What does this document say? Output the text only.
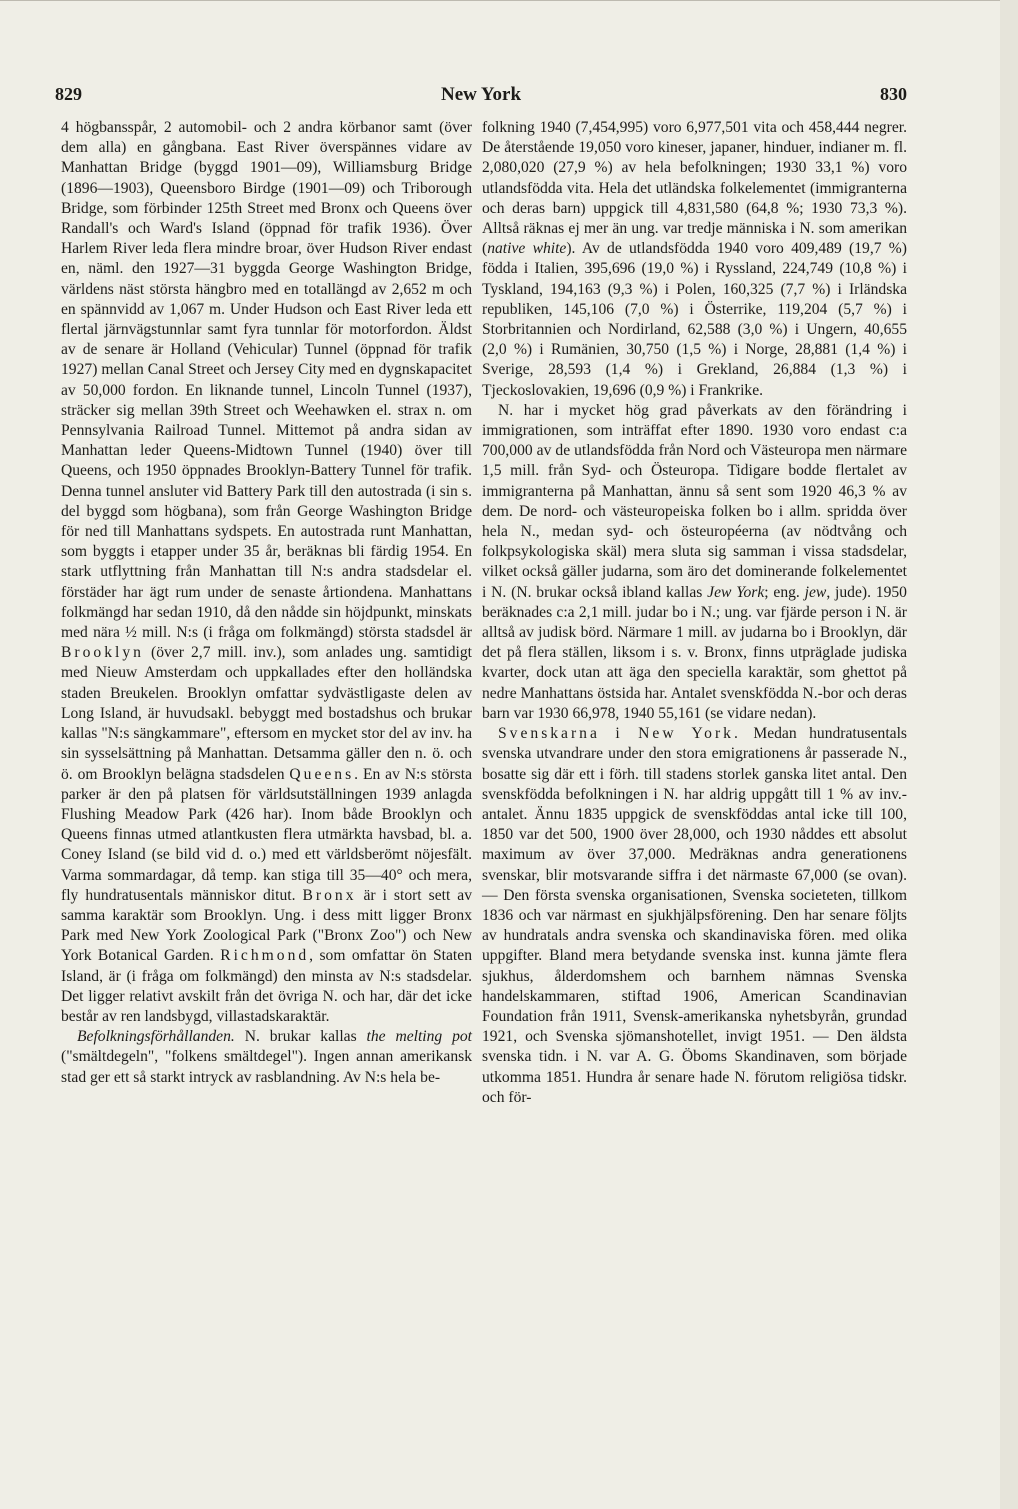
829	New York	830

4 högbansspår, 2 automobil- och 2 andra körbanor samt (över dem alla) en gångbana. East River överspännes vidare av Manhattan Bridge (byggd 1901—09), Williamsburg Bridge (1896—1903), Queensboro Birdge (1901—09) och Triborough Bridge, som förbinder 125th Street med Bronx och Queens över Randall's och Ward's Island (öppnad för trafik 1936). Över Harlem River leda flera mindre broar, över Hudson River endast en, näml. den 1927—31 byggda George Washington Bridge, världens näst största hängbro med en totallängd av 2,652 m och en spännvidd av 1,067 m. Under Hudson och East River leda ett flertal järnvägstunnlar samt fyra tunnlar för motorfordon. Äldst av de senare är Holland (Vehicular) Tunnel (öppnad för trafik 1927) mellan Canal Street och Jersey City med en dygnskapacitet av 50,000 fordon. En liknande tunnel, Lincoln Tunnel (1937), sträcker sig mellan 39th Street och Weehawken el. strax n. om Pennsylvania Railroad Tunnel. Mittemot på andra sidan av Manhattan leder Queens-Midtown Tunnel (1940) över till Queens, och 1950 öppnades Brooklyn-Battery Tunnel för trafik. Denna tunnel ansluter vid Battery Park till den autostrada (i sin s. del byggd som högbana), som från George Washington Bridge för ned till Manhattans sydspets. En autostrada runt Manhattan, som byggts i etapper under 35 år, beräknas bli färdig 1954. En stark utflyttning från Manhattan till N:s andra stadsdelar el. förstäder har ägt rum under de senaste årtiondena. Manhattans folkmängd har sedan 1910, då den nådde sin höjdpunkt, minskats med nära ½ mill. N:s (i fråga om folkmängd) största stadsdel är Brooklyn (över 2,7 mill. inv.), som anlades ung. samtidigt med Nieuw Amsterdam och uppkallades efter den holländska staden Breukelen. Brooklyn omfattar sydvästligaste delen av Long Island, är huvudsakl. bebyggt med bostadshus och brukar kallas "N:s sängkammare", eftersom en mycket stor del av inv. ha sin sysselsättning på Manhattan. Detsamma gäller den n. ö. och ö. om Brooklyn belägna stadsdelen Queens. En av N:s största parker är den på platsen för världsutställningen 1939 anlagda Flushing Meadow Park (426 har). Inom både Brooklyn och Queens finnas utmed atlantkusten flera utmärkta havsbad, bl. a. Coney Island (se bild vid d. o.) med ett världsberömt nöjesfält. Varma sommardagar, då temp. kan stiga till 35—40° och mera, fly hundratusentals människor ditut. Bronx är i stort sett av samma karaktär som Brooklyn. Ung. i dess mitt ligger Bronx Park med New York Zoological Park ("Bronx Zoo") och New York Botanical Garden. Richmond, som omfattar ön Staten Island, är (i fråga om folkmängd) den minsta av N:s stadsdelar. Det ligger relativt avskilt från det övriga N. och har, där det icke består av ren landsbygd, villastadskaraktär.

Befolkningsförhållanden. N. brukar kallas the melting pot ("smältdegeln", "folkens smältdegel"). Ingen annan amerikansk stad ger ett så starkt intryck av rasblandning. Av N:s hela be-

folkning 1940 (7,454,995) voro 6,977,501 vita och 458,444 negrer. De återstående 19,050 voro kineser, japaner, hinduer, indianer m. fl. 2,080,020 (27,9 %) av hela befolkningen; 1930 33,1 %) voro utlandsfödda vita. Hela det utländska folkelementet (immigranterna och deras barn) uppgick till 4,831,580 (64,8 %; 1930 73,3 %). Alltså räknas ej mer än ung. var tredje människa i N. som amerikan (native white). Av de utlandsfödda 1940 voro 409,489 (19,7 %) födda i Italien, 395,696 (19,0 %) i Ryssland, 224,749 (10,8 %) i Tyskland, 194,163 (9,3 %) i Polen, 160,325 (7,7 %) i Irländska republiken, 145,106 (7,0 %) i Österrike, 119,204 (5,7 %) i Storbritannien och Nordirland, 62,588 (3,0 %) i Ungern, 40,655 (2,0 %) i Rumänien, 30,750 (1,5 %) i Norge, 28,881 (1,4 %) i Sverige, 28,593 (1,4 %) i Grekland, 26,884 (1,3 %) i Tjeckoslovakien, 19,696 (0,9 %) i Frankrike.

N. har i mycket hög grad påverkats av den förändring i immigrationen, som inträffat efter 1890. 1930 voro endast c:a 700,000 av de utlandsfödda från Nord och Västeuropa men närmare 1,5 mill. från Syd- och Östeuropa. Tidigare bodde flertalet av immigranterna på Manhattan, ännu så sent som 1920 46,3 % av dem. De nord- och västeuropeiska folken bo i allm. spridda över hela N., medan syd- och östeuropéerna (av nödtvång och folkpsykologiska skäl) mera sluta sig samman i vissa stadsdelar, vilket också gäller judarna, som äro det dominerande folkelementet i N. (N. brukar också ibland kallas Jew York; eng. jew, jude). 1950 beräknades c:a 2,1 mill. judar bo i N.; ung. var fjärde person i N. är alltså av judisk börd. Närmare 1 mill. av judarna bo i Brooklyn, där det på flera ställen, liksom i s. v. Bronx, finns utpräglade judiska kvarter, dock utan att äga den speciella karaktär, som ghettot på nedre Manhattans östsida har. Antalet svenskfödda N.-bor och deras barn var 1930 66,978, 1940 55,161 (se vidare nedan).

Svenskarna i New York. Medan hundratusentals svenska utvandrare under den stora emigrationens år passerade N., bosatte sig där ett i förh. till stadens storlek ganska litet antal. Den svenskfödda befolkningen i N. har aldrig uppgått till 1 % av inv.-antalet. Ännu 1835 uppgick de svenskföddas antal icke till 100, 1850 var det 500, 1900 över 28,000, och 1930 nåddes ett absolut maximum av över 37,000. Medräknas andra generationens svenskar, blir motsvarande siffra i det närmaste 67,000 (se ovan). — Den första svenska organisationen, Svenska societeten, tillkom 1836 och var närmast en sjukhjälpsförening. Den har senare följts av hundratals andra svenska och skandinaviska fören. med olika uppgifter. Bland mera betydande svenska inst. kunna jämte flera sjukhus, ålderdomshem och barnhem nämnas Svenska handelskammaren, stiftad 1906, American Scandinavian Foundation från 1911, Svensk-amerikanska nyhetsbyrån, grundad 1921, och Svenska sjömanshotellet, invigt 1951. — Den äldsta svenska tidn. i N. var A. G. Öboms Skandinaven, som började utkomma 1851. Hundra år senare hade N. förutom religiösa tidskr. och för-
